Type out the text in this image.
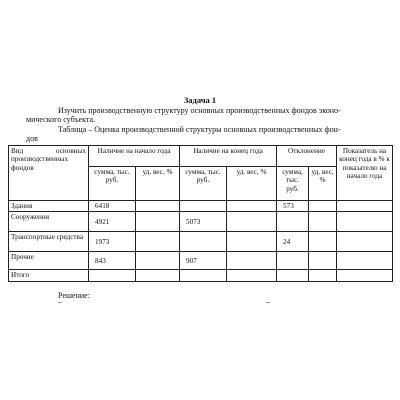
Задача 1
Изучить производственную структуру основных производственных фондов эконо-
мического субъекта.
Таблица – Оценка производственной структуры основных производственных фон-
дов
Вид основных производственных фондов	Наличие на начало года		Наличие на конец года		Отклонение		Показатель на конец года в % к показателю на начало года
	сумма, тыс. руб.	уд. вес, %	сумма, тыс. руб.	уд. вес, %	сумма, тыс. руб.	уд. вес, %	
Здания	6418				573		
Сооружения	4921		5073				
Транспортные средства	1973				24		
Прочие	843		907				
Итого							
Решение:
